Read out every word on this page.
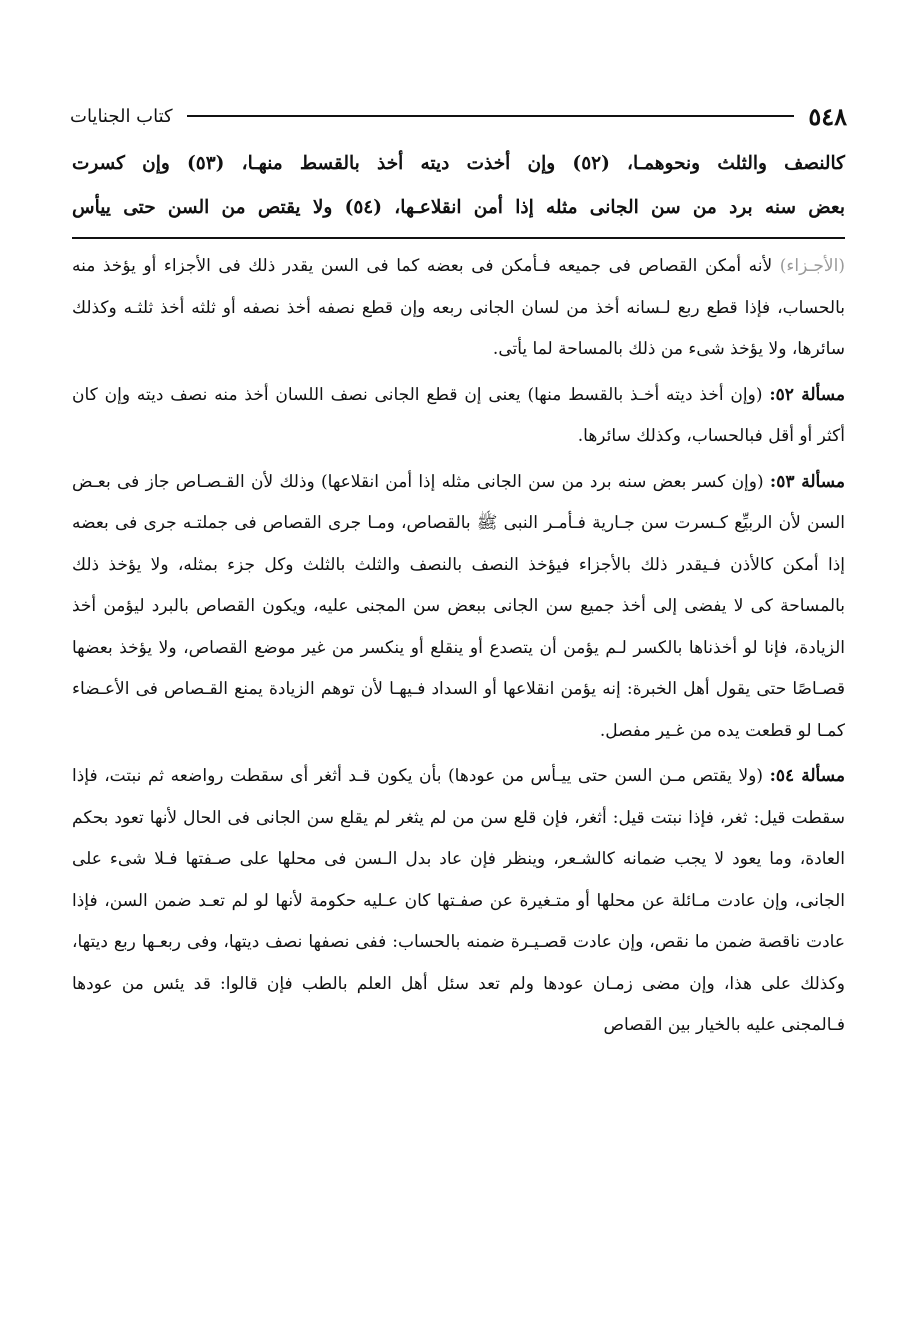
٥٤٨
كتاب الجنايات

كالنصف والثلث ونحوهمـا، (٥٢) وإن أخذت ديته أخذ بالقسط منهـا، (٥٣) وإن كسرت

بعض سنه برد من سن الجانى مثله إذا أمن انقلاعـها، (٥٤) ولا يقتص من السن حتى ييأس

(الأجـزاء) لأنه أمكن القصاص فى جميعه فـأمكن فى بعضه كما فى السن يقدر ذلك فى الأجزاء أو يؤخذ منه بالحساب، فإذا قطع ربع لـسانه أخذ من لسان الجانى ربعه وإن قطع نصفه أخذ نصفه أو ثلثه أخذ ثلثـه وكذلك سائرها، ولا يؤخذ شىء من ذلك بالمساحة لما يأتى.

مسألة ٥٢: (وإن أخذ ديته أخـذ بالقسط منها) يعنى إن قطع الجانى نصف اللسان أخذ منه نصف ديته وإن كان أكثر أو أقل فبالحساب، وكذلك سائرها.

مسألة ٥٣: (وإن كسر بعض سنه برد من سن الجانى مثله إذا أمن انقلاعها) وذلك لأن القـصـاص جاز فى بعـض السن لأن الربيِّع كـسرت سن جـارية فـأمـر النبى ﷺ بالقصاص، ومـا جرى القصاص فى جملتـه جرى فى بعضه إذا أمكن كالأذن فـيقدر ذلك بالأجزاء فيؤخذ النصف بالنصف والثلث بالثلث وكل جزء بمثله، ولا يؤخذ ذلك بالمساحة كى لا يفضى إلى أخذ جميع سن الجانى ببعض سن المجنى عليه، ويكون القصاص بالبرد ليؤمن أخذ الزيادة، فإنا لو أخذناها بالكسر لـم يؤمن أن يتصدع أو ينقلع أو ينكسر من غير موضع القصاص، ولا يؤخذ بعضها قصـاصًا حتى يقول أهل الخبرة: إنه يؤمن انقلاعها أو السداد فـيهـا لأن توهم الزيادة يمنع القـصاص فى الأعـضاء كمـا لو قطعت يده من غـير مفصل.

مسألة ٥٤: (ولا يقتص مـن السن حتى ييـأس من عودها) بأن يكون قـد أثغر أى سقطت رواضعه ثم نبتت، فإذا سقطت قيل: ثغر، فإذا نبتت قيل: أثغر، فإن قلع سن من لم يثغر لم يقلع سن الجانى فى الحال لأنها تعود بحكم العادة، وما يعود لا يجب ضمانه كالشـعر، وينظر فإن عاد بدل الـسن فى محلها على صـفتها فـلا شىء على الجانى، وإن عادت مـائلة عن محلها أو متـغيرة عن صفـتها كان عـليه حكومة لأنها لو لم تعـد ضمن السن، فإذا عادت ناقصة ضمن ما نقص، وإن عادت قصـيـرة ضمنه بالحساب: ففى نصفها نصف ديتها، وفى ربعـها ربع ديتها، وكذلك على هذا، وإن مضى زمـان عودها ولم تعد سئل أهل العلم بالطب فإن قالوا: قد يئس من عودها فـالمجنى عليه بالخيار بين القصاص
